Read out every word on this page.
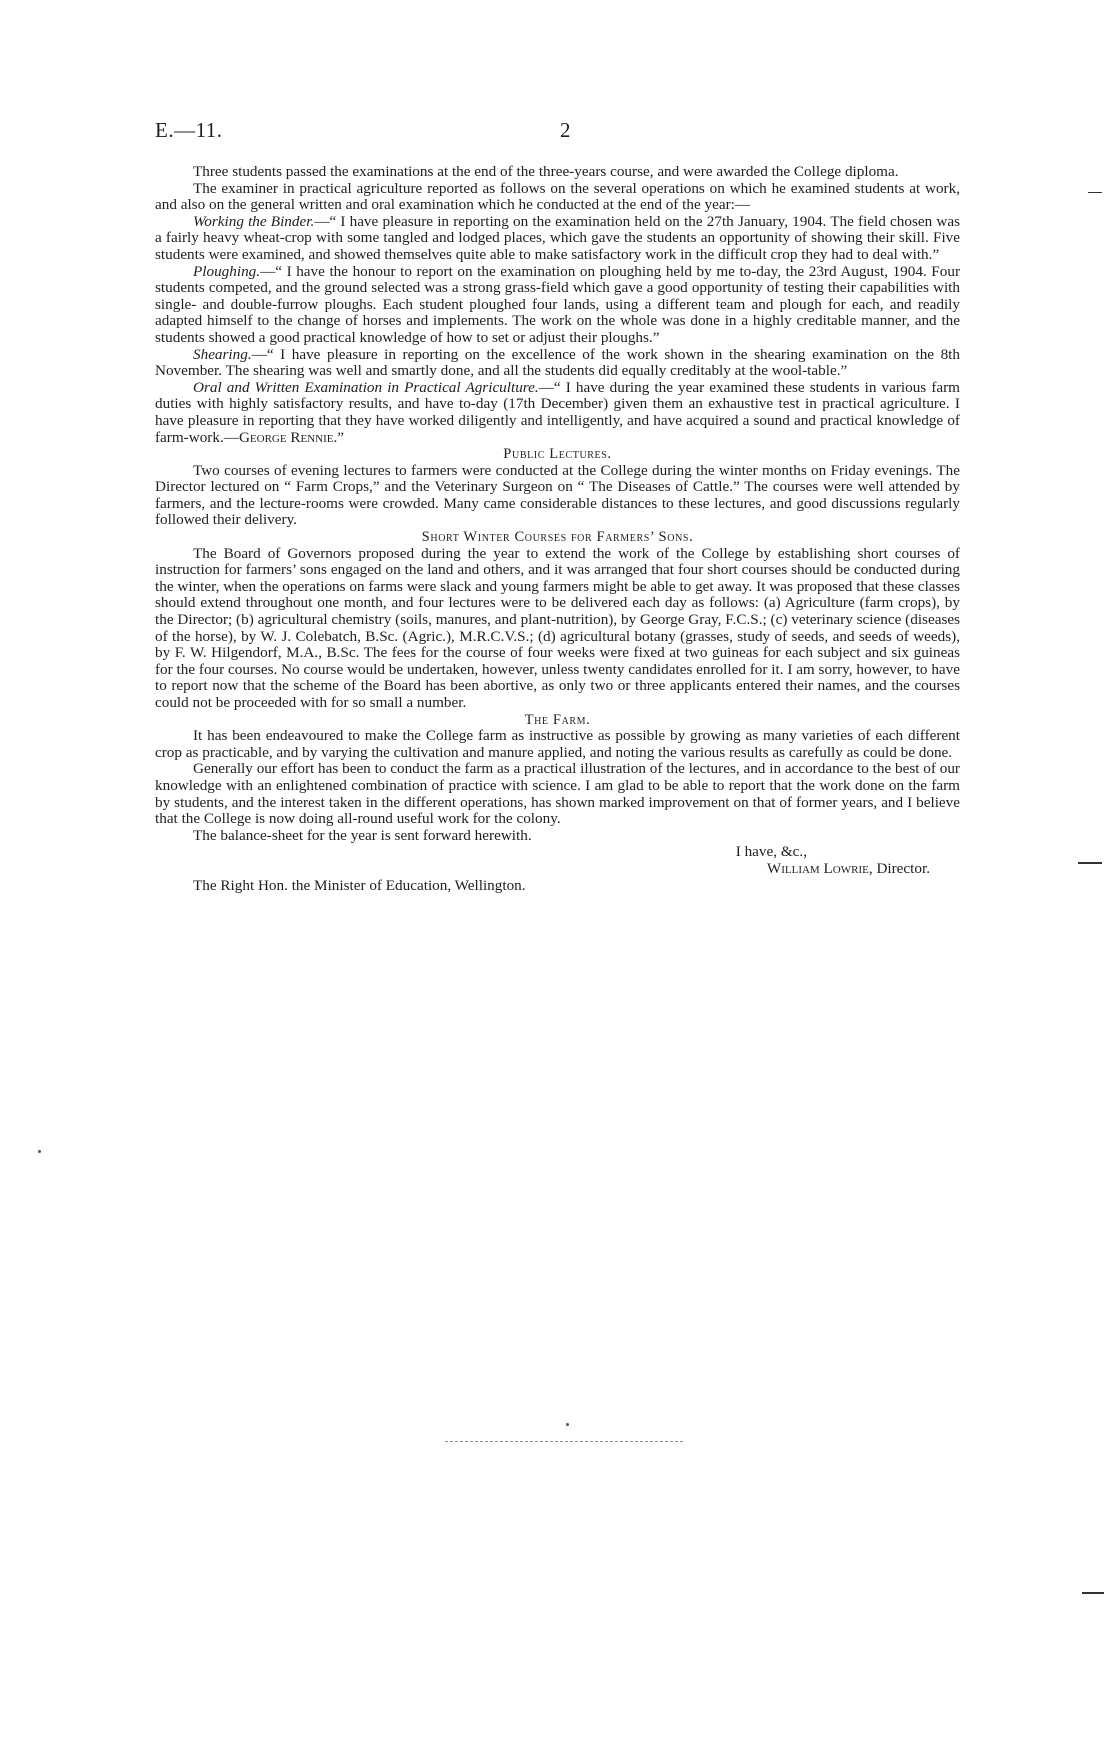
E.—11.	2

Three students passed the examinations at the end of the three-years course, and were awarded the College diploma.

The examiner in practical agriculture reported as follows on the several operations on which he examined students at work, and also on the general written and oral examination which he conducted at the end of the year:—

Working the Binder.—“ I have pleasure in reporting on the examination held on the 27th January, 1904. The field chosen was a fairly heavy wheat-crop with some tangled and lodged places, which gave the students an opportunity of showing their skill. Five students were examined, and showed themselves quite able to make satisfactory work in the difficult crop they had to deal with.”

Ploughing.—“ I have the honour to report on the examination on ploughing held by me to-day, the 23rd August, 1904. Four students competed, and the ground selected was a strong grass-field which gave a good opportunity of testing their capabilities with single- and double-furrow ploughs. Each student ploughed four lands, using a different team and plough for each, and readily adapted himself to the change of horses and implements. The work on the whole was done in a highly creditable manner, and the students showed a good practical knowledge of how to set or adjust their ploughs.”

Shearing.—“ I have pleasure in reporting on the excellence of the work shown in the shearing examination on the 8th November. The shearing was well and smartly done, and all the students did equally creditably at the wool-table.”

Oral and Written Examination in Practical Agriculture.—“ I have during the year examined these students in various farm duties with highly satisfactory results, and have to-day (17th December) given them an exhaustive test in practical agriculture. I have pleasure in reporting that they have worked diligently and intelligently, and have acquired a sound and practical knowledge of farm-work.—George Rennie.”

Public Lectures.

Two courses of evening lectures to farmers were conducted at the College during the winter months on Friday evenings. The Director lectured on “ Farm Crops,” and the Veterinary Surgeon on “ The Diseases of Cattle.” The courses were well attended by farmers, and the lecture-rooms were crowded. Many came considerable distances to these lectures, and good discussions regularly followed their delivery.

Short Winter Courses for Farmers’ Sons.

The Board of Governors proposed during the year to extend the work of the College by establishing short courses of instruction for farmers’ sons engaged on the land and others, and it was arranged that four short courses should be conducted during the winter, when the operations on farms were slack and young farmers might be able to get away. It was proposed that these classes should extend throughout one month, and four lectures were to be delivered each day as follows: (a) Agriculture (farm crops), by the Director; (b) agricultural chemistry (soils, manures, and plant-nutrition), by George Gray, F.C.S.; (c) veterinary science (diseases of the horse), by W. J. Colebatch, B.Sc. (Agric.), M.R.C.V.S.; (d) agricultural botany (grasses, study of seeds, and seeds of weeds), by F. W. Hilgendorf, M.A., B.Sc. The fees for the course of four weeks were fixed at two guineas for each subject and six guineas for the four courses. No course would be undertaken, however, unless twenty candidates enrolled for it. I am sorry, however, to have to report now that the scheme of the Board has been abortive, as only two or three applicants entered their names, and the courses could not be proceeded with for so small a number.

The Farm.

It has been endeavoured to make the College farm as instructive as possible by growing as many varieties of each different crop as practicable, and by varying the cultivation and manure applied, and noting the various results as carefully as could be done.

Generally our effort has been to conduct the farm as a practical illustration of the lectures, and in accordance to the best of our knowledge with an enlightened combination of practice with science. I am glad to be able to report that the work done on the farm by students, and the interest taken in the different operations, has shown marked improvement on that of former years, and I believe that the College is now doing all-round useful work for the colony.

The balance-sheet for the year is sent forward herewith.

I have, &c.,

William Lowrie, Director.

The Right Hon. the Minister of Education, Wellington.
